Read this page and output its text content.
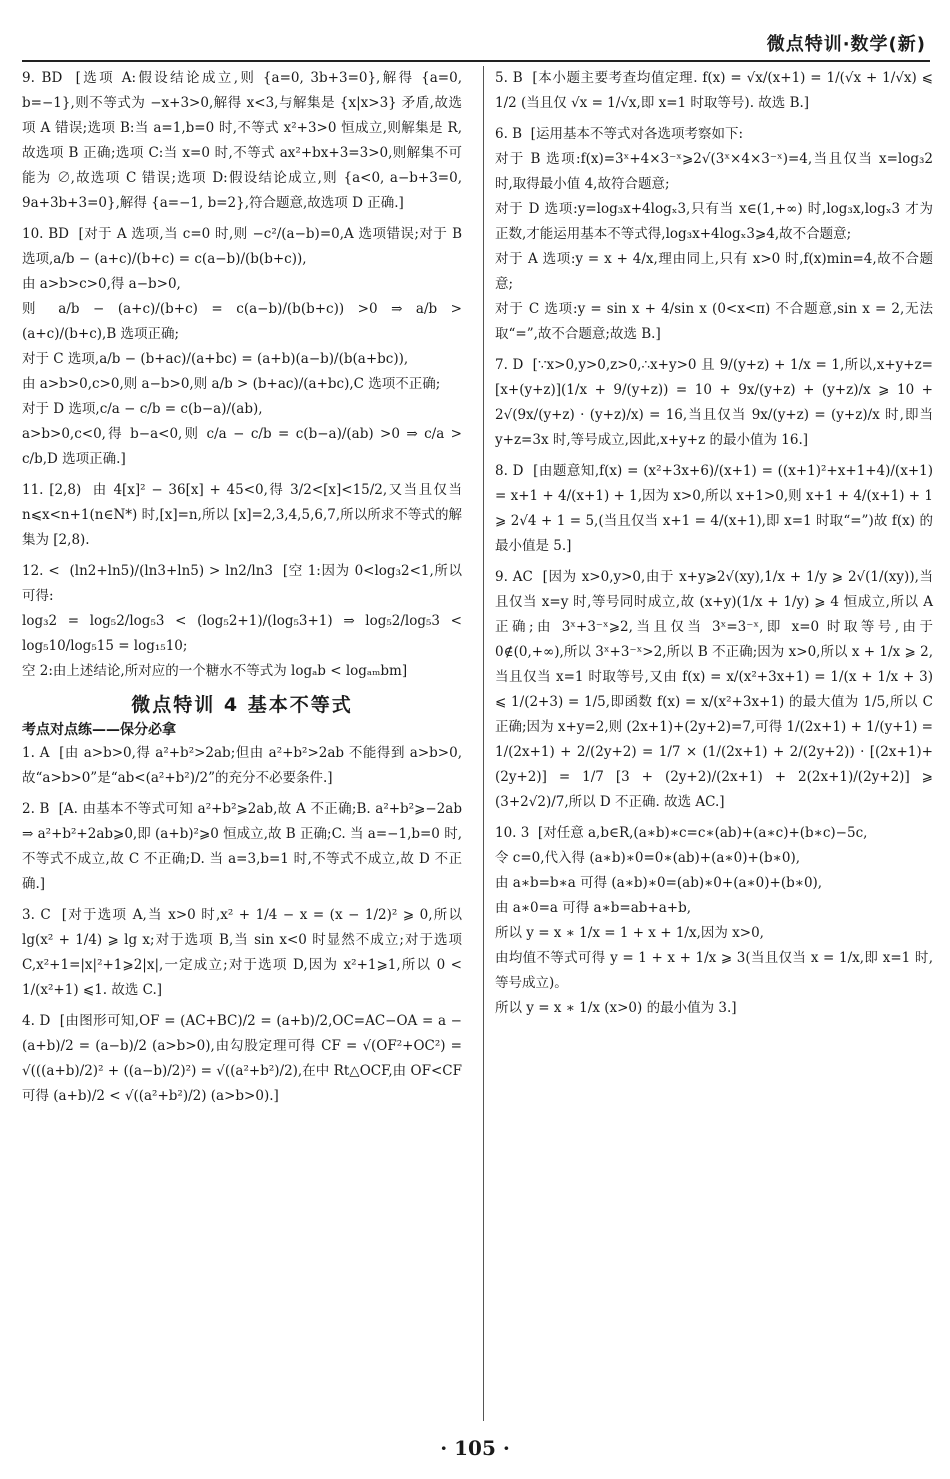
微点特训·数学(新)
9. BD  [选项 A:假设结论成立,则 {a=0, 3b+3=0},解得 {a=0, b=−1},则不等式为 −x+3>0,解得 x<3,与解集是 {x|x>3} 矛盾,故选项 A 错误;选项 B:当 a=1,b=0 时,不等式 x²+3>0 恒成立,则解集是 R,故选项 B 正确;选项 C:当 x=0 时,不等式 ax²+bx+3=3>0,则解集不可能为 ∅,故选项 C 错误;选项 D:假设结论成立,则 {a<0, a−b+3=0, 9a+3b+3=0},解得 {a=−1, b=2},符合题意,故选项 D 正确.]
10. BD  [对于 A 选项,当 c=0 时,则 −c²/(a−b)=0,A 选项错误;对于 B 选项,a/b − (a+c)/(b+c) = c(a−b)/(b(b+c)),
由 a>b>c>0,得 a−b>0,
则 a/b − (a+c)/(b+c) = c(a−b)/(b(b+c)) >0 ⇒ a/b > (a+c)/(b+c),B 选项正确;
对于 C 选项,a/b − (b+ac)/(a+bc) = (a+b)(a−b)/(b(a+bc)),
由 a>b>0,c>0,则 a−b>0,则 a/b > (b+ac)/(a+bc),C 选项不正确;
对于 D 选项,c/a − c/b = c(b−a)/(ab),
a>b>0,c<0,得 b−a<0,则 c/a − c/b = c(b−a)/(ab) >0 ⇒ c/a > c/b,D 选项正确.]
11. [2,8)  由 4[x]² − 36[x] + 45<0,得 3/2<[x]<15/2,又当且仅当 n⩽x<n+1(n∈N*) 时,[x]=n,所以 [x]=2,3,4,5,6,7,所以所求不等式的解集为 [2,8).
12. <  (ln2+ln5)/(ln3+ln5) > ln2/ln3  [空 1:因为 0<log₃2<1,所以可得:
log₃2 = log₅2/log₅3 < (log₅2+1)/(log₅3+1) ⇒ log₅2/log₅3 < log₅10/log₅15 = log₁₅10;
空 2:由上述结论,所对应的一个糖水不等式为 logₐb < logₐₘbm]
微点特训 4 基本不等式
考点对点练——保分必拿
1. A  [由 a>b>0,得 a²+b²>2ab;但由 a²+b²>2ab 不能得到 a>b>0,故“a>b>0”是“ab<(a²+b²)/2”的充分不必要条件.]
2. B  [A. 由基本不等式可知 a²+b²⩾2ab,故 A 不正确;B. a²+b²⩾−2ab ⇒ a²+b²+2ab⩾0,即 (a+b)²⩾0 恒成立,故 B 正确;C. 当 a=−1,b=0 时,不等式不成立,故 C 不正确;D. 当 a=3,b=1 时,不等式不成立,故 D 不正确.]
3. C  [对于选项 A,当 x>0 时,x² + 1/4 − x = (x − 1/2)² ⩾ 0,所以 lg(x² + 1/4) ⩾ lg x;对于选项 B,当 sin x<0 时显然不成立;对于选项 C,x²+1=|x|²+1⩾2|x|,一定成立;对于选项 D,因为 x²+1⩾1,所以 0 < 1/(x²+1) ⩽1. 故选 C.]
4. D  [由图形可知,OF = (AC+BC)/2 = (a+b)/2,OC=AC−OA = a − (a+b)/2 = (a−b)/2 (a>b>0),由勾股定理可得 CF = √(OF²+OC²) = √(((a+b)/2)² + ((a−b)/2)²) = √((a²+b²)/2),在中 Rt△OCF,由 OF<CF 可得 (a+b)/2 < √((a²+b²)/2) (a>b>0).]
5. B  [本小题主要考查均值定理. f(x) = √x/(x+1) = 1/(√x + 1/√x) ⩽ 1/2 (当且仅 √x = 1/√x,即 x=1 时取等号). 故选 B.]
6. B  [运用基本不等式对各选项考察如下:
对于 B 选项:f(x)=3ˣ+4×3⁻ˣ⩾2√(3ˣ×4×3⁻ˣ)=4,当且仅当 x=log₃2 时,取得最小值 4,故符合题意;
对于 D 选项:y=log₃x+4logₓ3,只有当 x∈(1,+∞) 时,log₃x,logₓ3 才为正数,才能运用基本不等式得,log₃x+4logₓ3⩾4,故不合题意;
对于 A 选项:y = x + 4/x,理由同上,只有 x>0 时,f(x)min=4,故不合题意;
对于 C 选项:y = sin x + 4/sin x (0<x<π) 不合题意,sin x = 2,无法取“=”,故不合题意;故选 B.]
7. D  [∵x>0,y>0,z>0,∴x+y>0 且 9/(y+z) + 1/x = 1,所以,x+y+z=[x+(y+z)](1/x + 9/(y+z)) = 10 + 9x/(y+z) + (y+z)/x ⩾ 10 + 2√(9x/(y+z) · (y+z)/x) = 16,当且仅当 9x/(y+z) = (y+z)/x 时,即当 y+z=3x 时,等号成立,因此,x+y+z 的最小值为 16.]
8. D  [由题意知,f(x) = (x²+3x+6)/(x+1) = ((x+1)²+x+1+4)/(x+1) = x+1 + 4/(x+1) + 1,因为 x>0,所以 x+1>0,则 x+1 + 4/(x+1) + 1 ⩾ 2√4 + 1 = 5,(当且仅当 x+1 = 4/(x+1),即 x=1 时取“=”)故 f(x) 的最小值是 5.]
9. AC  [因为 x>0,y>0,由于 x+y⩾2√(xy),1/x + 1/y ⩾ 2√(1/(xy)),当且仅当 x=y 时,等号同时成立,故 (x+y)(1/x + 1/y) ⩾ 4 恒成立,所以 A 正确;由 3ˣ+3⁻ˣ⩾2,当且仅当 3ˣ=3⁻ˣ,即 x=0 时取等号,由于 0∉(0,+∞),所以 3ˣ+3⁻ˣ>2,所以 B 不正确;因为 x>0,所以 x + 1/x ⩾ 2,当且仅当 x=1 时取等号,又由 f(x) = x/(x²+3x+1) = 1/(x + 1/x + 3) ⩽ 1/(2+3) = 1/5,即函数 f(x) = x/(x²+3x+1) 的最大值为 1/5,所以 C 正确;因为 x+y=2,则 (2x+1)+(2y+2)=7,可得 1/(2x+1) + 1/(y+1) = 1/(2x+1) + 2/(2y+2) = 1/7 × (1/(2x+1) + 2/(2y+2)) · [(2x+1)+(2y+2)] = 1/7 [3 + (2y+2)/(2x+1) + 2(2x+1)/(2y+2)] ⩾ (3+2√2)/7,所以 D 不正确. 故选 AC.]
10. 3  [对任意 a,b∈R,(a∗b)∗c=c∗(ab)+(a∗c)+(b∗c)−5c,
令 c=0,代入得 (a∗b)∗0=0∗(ab)+(a∗0)+(b∗0),
由 a∗b=b∗a 可得 (a∗b)∗0=(ab)∗0+(a∗0)+(b∗0),
由 a∗0=a 可得 a∗b=ab+a+b,
所以 y = x ∗ 1/x = 1 + x + 1/x,因为 x>0,
由均值不等式可得 y = 1 + x + 1/x ⩾ 3(当且仅当 x = 1/x,即 x=1 时,等号成立)。
所以 y = x ∗ 1/x (x>0) 的最小值为 3.]
· 105 ·
